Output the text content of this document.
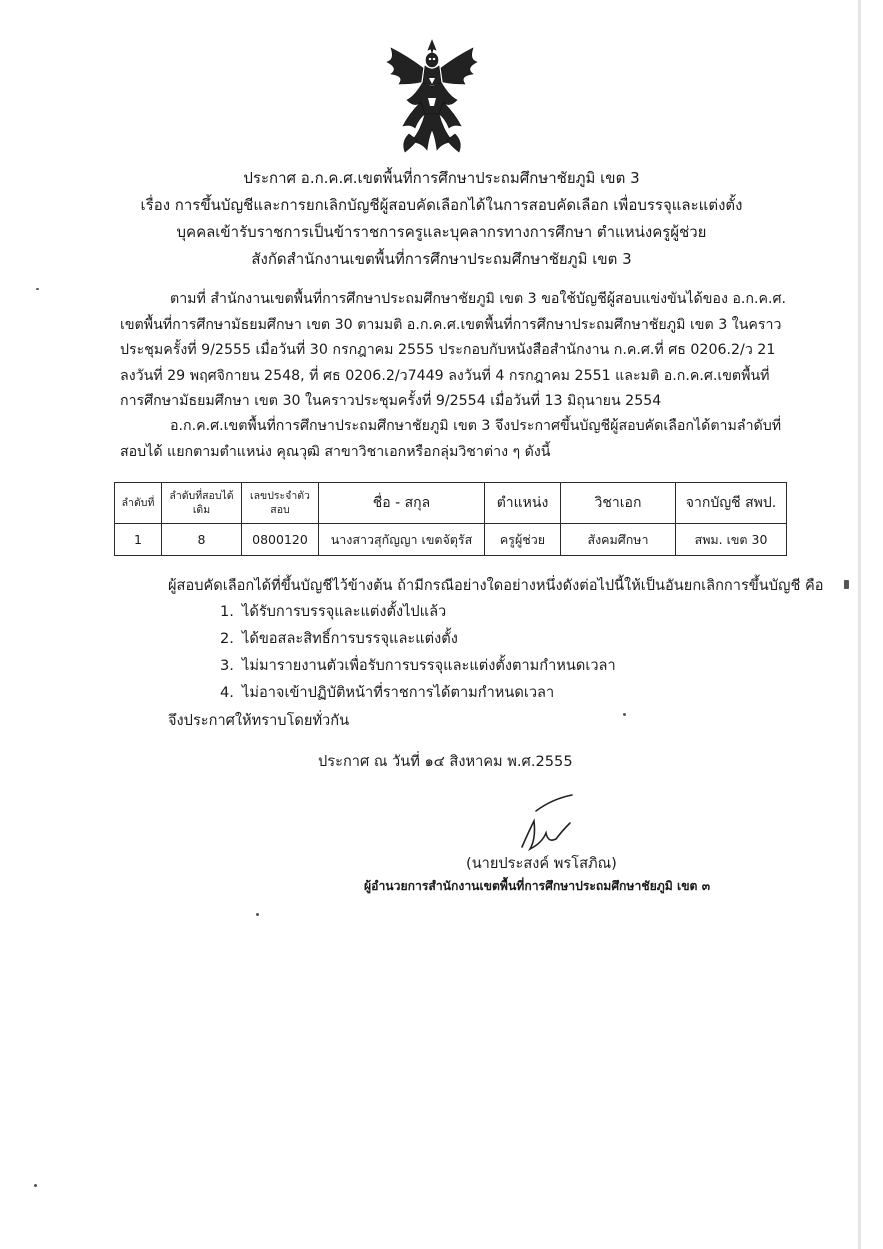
ประกาศ อ.ก.ค.ศ.เขตพื้นที่การศึกษาประถมศึกษาชัยภูมิ เขต 3

เรื่อง การขึ้นบัญชีและการยกเลิกบัญชีผู้สอบคัดเลือกได้ในการสอบคัดเลือก เพื่อบรรจุและแต่งตั้ง

บุคคลเข้ารับราชการเป็นข้าราชการครูและบุคลากรทางการศึกษา ตำแหน่งครูผู้ช่วย

สังกัดสำนักงานเขตพื้นที่การศึกษาประถมศึกษาชัยภูมิ เขต 3

ตามที่ สำนักงานเขตพื้นที่การศึกษาประถมศึกษาชัยภูมิ เขต 3 ขอใช้บัญชีผู้สอบแข่งขันได้ของ อ.ก.ค.ศ.
เขตพื้นที่การศึกษามัธยมศึกษา เขต 30 ตามมติ อ.ก.ค.ศ.เขตพื้นที่การศึกษาประถมศึกษาชัยภูมิ เขต 3 ในคราว
ประชุมครั้งที่ 9/2555 เมื่อวันที่ 30 กรกฎาคม 2555 ประกอบกับหนังสือสำนักงาน ก.ค.ศ.ที่ ศธ 0206.2/ว 21
ลงวันที่ 29 พฤศจิกายน 2548, ที่ ศธ 0206.2/ว7449 ลงวันที่ 4 กรกฎาคม 2551 และมติ อ.ก.ค.ศ.เขตพื้นที่
การศึกษามัธยมศึกษา เขต 30 ในคราวประชุมครั้งที่ 9/2554 เมื่อวันที่ 13 มิถุนายน 2554
อ.ก.ค.ศ.เขตพื้นที่การศึกษาประถมศึกษาชัยภูมิ เขต 3 จึงประกาศขึ้นบัญชีผู้สอบคัดเลือกได้ตามลำดับที่
สอบได้ แยกตามตำแหน่ง คุณวุฒิ สาขาวิชาเอกหรือกลุ่มวิชาต่าง ๆ ดังนี้
ลำดับที่	ลำดับที่สอบได้เดิม	เลขประจำตัวสอบ	ชื่อ - สกุล	ตำแหน่ง	วิชาเอก	จากบัญชี สพป.
1	8	0800120	นางสาวสุกัญญา เขตจัตุรัส	ครูผู้ช่วย	สังคมศึกษา	สพม. เขต 30

ผู้สอบคัดเลือกได้ที่ขึ้นบัญชีไว้ข้างต้น ถ้ามีกรณีอย่างใดอย่างหนึ่งดังต่อไปนี้ให้เป็นอันยกเลิกการขึ้นบัญชี คือ

1. ได้รับการบรรจุและแต่งตั้งไปแล้ว

2. ได้ขอสละสิทธิ์การบรรจุและแต่งตั้ง

3. ไม่มารายงานตัวเพื่อรับการบรรจุและแต่งตั้งตามกำหนดเวลา

4. ไม่อาจเข้าปฏิบัติหน้าที่ราชการได้ตามกำหนดเวลา

จึงประกาศให้ทราบโดยทั่วกัน

ประกาศ ณ วันที่ ๑๔ สิงหาคม พ.ศ.2555

(นายประสงค์ พรโสภิณ)

ผู้อำนวยการสำนักงานเขตพื้นที่การศึกษาประถมศึกษาชัยภูมิ เขต ๓
